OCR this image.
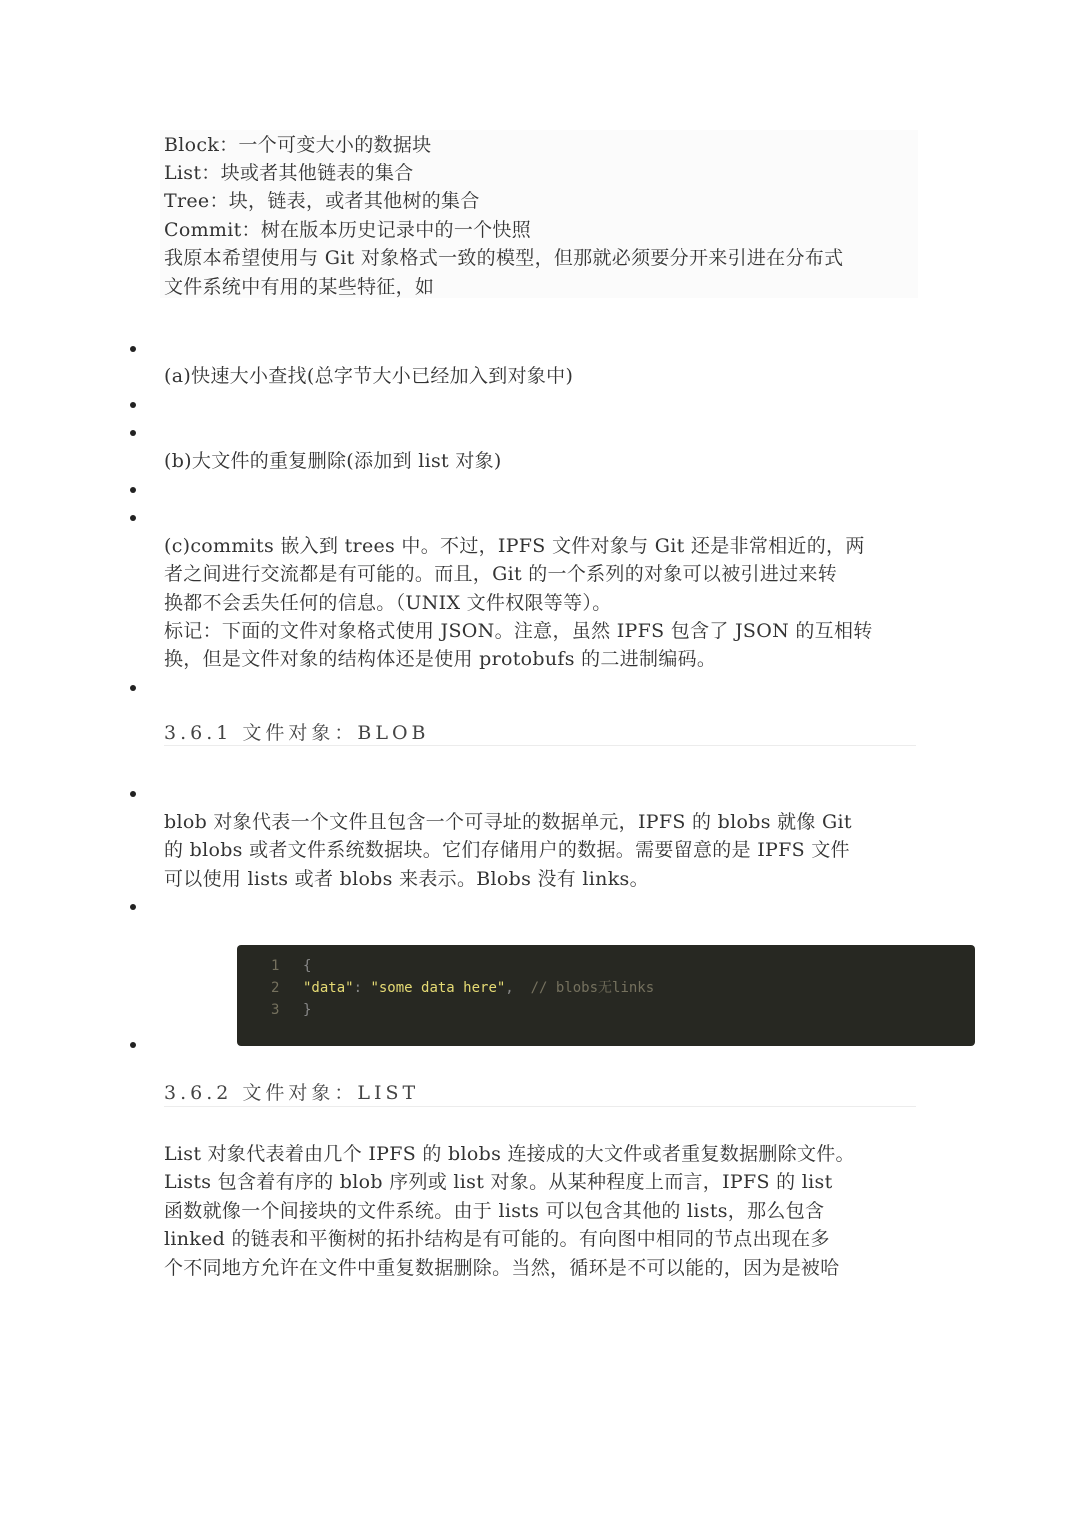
Block：一个可变大小的数据块
List：块或者其他链表的集合
Tree：块，链表，或者其他树的集合
Commit：树在版本历史记录中的一个快照
我原本希望使用与 Git 对象格式一致的模型，但那就必须要分开来引进在分布式
文件系统中有用的某些特征，如
(a)快速大小查找(总字节大小已经加入到对象中)
(b)大文件的重复删除(添加到 list 对象)
(c)commits 嵌入到 trees 中。不过，IPFS 文件对象与 Git 还是非常相近的，两
者之间进行交流都是有可能的。而且，Git 的一个系列的对象可以被引进过来转
换都不会丢失任何的信息。（UNIX 文件权限等等）。
标记：下面的文件对象格式使用 JSON。注意，虽然 IPFS 包含了 JSON 的互相转
换，但是文件对象的结构体还是使用 protobufs 的二进制编码。
3.6.1 文件对象：BLOB
blob 对象代表一个文件且包含一个可寻址的数据单元，IPFS 的 blobs 就像 Git
的 blobs 或者文件系统数据块。它们存储用户的数据。需要留意的是 IPFS 文件
可以使用 lists 或者 blobs 来表示。Blobs 没有 links。
1 {
2 "data": "some data here", // blobs无links
3 }
3.6.2 文件对象：LIST
List 对象代表着由几个 IPFS 的 blobs 连接成的大文件或者重复数据删除文件。
Lists 包含着有序的 blob 序列或 list 对象。从某种程度上而言，IPFS 的 list
函数就像一个间接块的文件系统。由于 lists 可以包含其他的 lists，那么包含
linked 的链表和平衡树的拓扑结构是有可能的。有向图中相同的节点出现在多
个不同地方允许在文件中重复数据删除。当然，循环是不可以能的，因为是被哈
